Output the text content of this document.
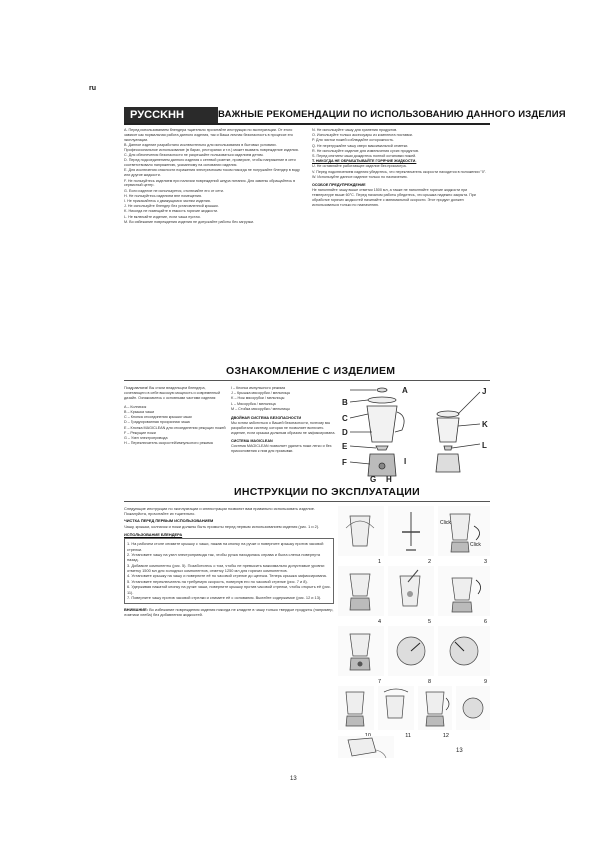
ru
PУCCKHH	ВАЖНЫЕ РЕКОМЕНДАЦИИ ПО ИСПОЛЬЗОВАНИЮ ДАННОГО ИЗДЕЛИЯ

A. Перед использованием блендера тщательно прочитайте инструкции по эксплуатации. От этого зависит как нормальная работа данного изделия, так и Ваша личная безопасность в процессе его эксплуатации.

B. Данное изделие разработано исключительно для использования в бытовых условиях. Профессиональное использование (в барах, ресторанах и т.п.) может вызвать повреждение изделия.

C. Для обеспечения безопасности не разрешайте пользоваться изделием детям.

D. Перед подсоединением данного изделия к сетевой розетке, проверьте, чтобы напряжение в сети соответствовало напряжению, указанному на основании изделия.

E. Для исключения опасности поражения электрическим током никогда не погружайте блендер в воду или другие жидкости.

F. Не пользуйтесь изделием при наличии повреждений шнура питания. Для замены обращайтесь в сервисный центр.

G. Если изделие не используется, отключайте его от сети.

H. Не пользуйтесь изделием вне помещения.

I. Не прикасайтесь к движущимся частям изделия.

J. Не используйте блендер без установленной крышки.

K. Никогда не помещайте в емкость горячие жидкости.

L. Не включайте изделие, если чаша пустая.

M. Во избежание повреждения изделия не допускайте работы без загрузки.

N. Не используйте чашу для хранения продуктов.

O. Используйте только аксессуары из комплекта поставки.

P. Для чистки ножей соблюдайте осторожность.

Q. Не перегружайте чашу сверх максимальной отметки.

R. Не используйте изделие для измельчения сухих продуктов.

S. Перед снятием чаши дождитесь полной остановки ножей.

T. НИКОГДА НЕ ОБРАБАТЫВАЙТЕ ГОРЯЧИЕ ЖИДКОСТИ.

U. Не оставляйте работающее изделие без присмотра.

V. Перед подключением изделия убедитесь, что переключатель скорости находится в положении "0".

W. Используйте данное изделие только по назначению.

ОСОБОЕ ПРЕДУПРЕЖДЕНИЕ

Не наполняйте чашу выше отметки 1500 мл, а также не наполняйте горячие жидкости при температуре выше 60°C. Перед началом работы убедитесь, что крышка надежно закрыта. При обработке горячих жидкостей начинайте с минимальной скорости. Этот продукт должен использоваться только по назначению.

ОЗНАКОМЛЕНИЕ С ИЗДЕЛИЕМ

Поздравляем! Вы стали владельцем блендера, сочетающего в себе высокую мощность и современный дизайн. Ознакомьтесь с основными частями изделия:

A – Колпачок

B – Крышка чаши

C – Кнопка отсоединения крышки чаши

D – Градуированная прозрачная чаша

E – Кнопка MAGICLEAN для отсоединения режущих ножей

F – Режущие ножи

G – Узел электропривода

H – Переключатель скоростей/импульсного режима

I – Кнопка импульсного режима

J – Крышка мясорубки / мельницы

K – Нож мясорубки / мельницы

L – Мясорубка / мельница

M – Стойка мясорубки / мельницы

ДВОЙНАЯ СИСТЕМА БЕЗОПАСНОСТИ

Мы хотим заботиться о Вашей безопасности, поэтому мы разработали систему, которая не позволяет включить изделие, если крышка должным образом не зафиксирована.

СИСТЕМА MAGICLEAN

Система MAGICLEAN позволяет удалить ножи легко и без прикосновения к ним для промывки.

A
B
C
D
E
F
G H
I
J
K
L
ИНСТРУКЦИИ ПО ЭКСПЛУАТАЦИИ

Следующие инструкции по эксплуатации и иллюстрации позволят вам правильно использовать изделие. Пожалуйста, прочитайте их тщательно.

ЧИСТКА ПЕРЕД ПЕРВЫМ ИСПОЛЬЗОВАНИЕМ

Чашу, крышки, колпачок и ножи должны быть промыты перед первым использованием изделия (рис. 1 и 2).

ИСПОЛЬЗОВАНИЕ БЛЕНДЕРА

1. На рабочем столе снимите крышку с чаши, нажав на кнопку на ручке и поверните крышку против часовой стрелки.

2. Установите чашу на узел электропривода так, чтобы ручка находилась справа и была слегка повернута назад.

3. Добавьте компоненты (рис. 5). Позаботьтесь о том, чтобы не превысить максимально допустимые уровни: отметку 1500 мл для холодных компонентов, отметку 1250 мл для горячих компонентов.

4. Установите крышку на чашу и поверните её по часовой стрелке до щелчка. Теперь крышка зафиксирована.

5. Установите переключатель на требуемую скорость, повернув его по часовой стрелке (рис. 7 и 8).

6. Удерживая нажатой кнопку на ручке чаши, поверните крышку против часовой стрелки, чтобы открыть её (рис. 11).

7. Поверните чашу против часовой стрелки и снимите её с основания. Вылейте содержимое (рис. 12 и 13).

ВНИМАНИЕ: Во избежание повреждения изделия никогда не кладите в чашу только твердые продукты (например, ломтики хлеба) без добавления жидкостей.

1	2
Click
Click
3
4	5	6
7	8	9
11	12
13
13
